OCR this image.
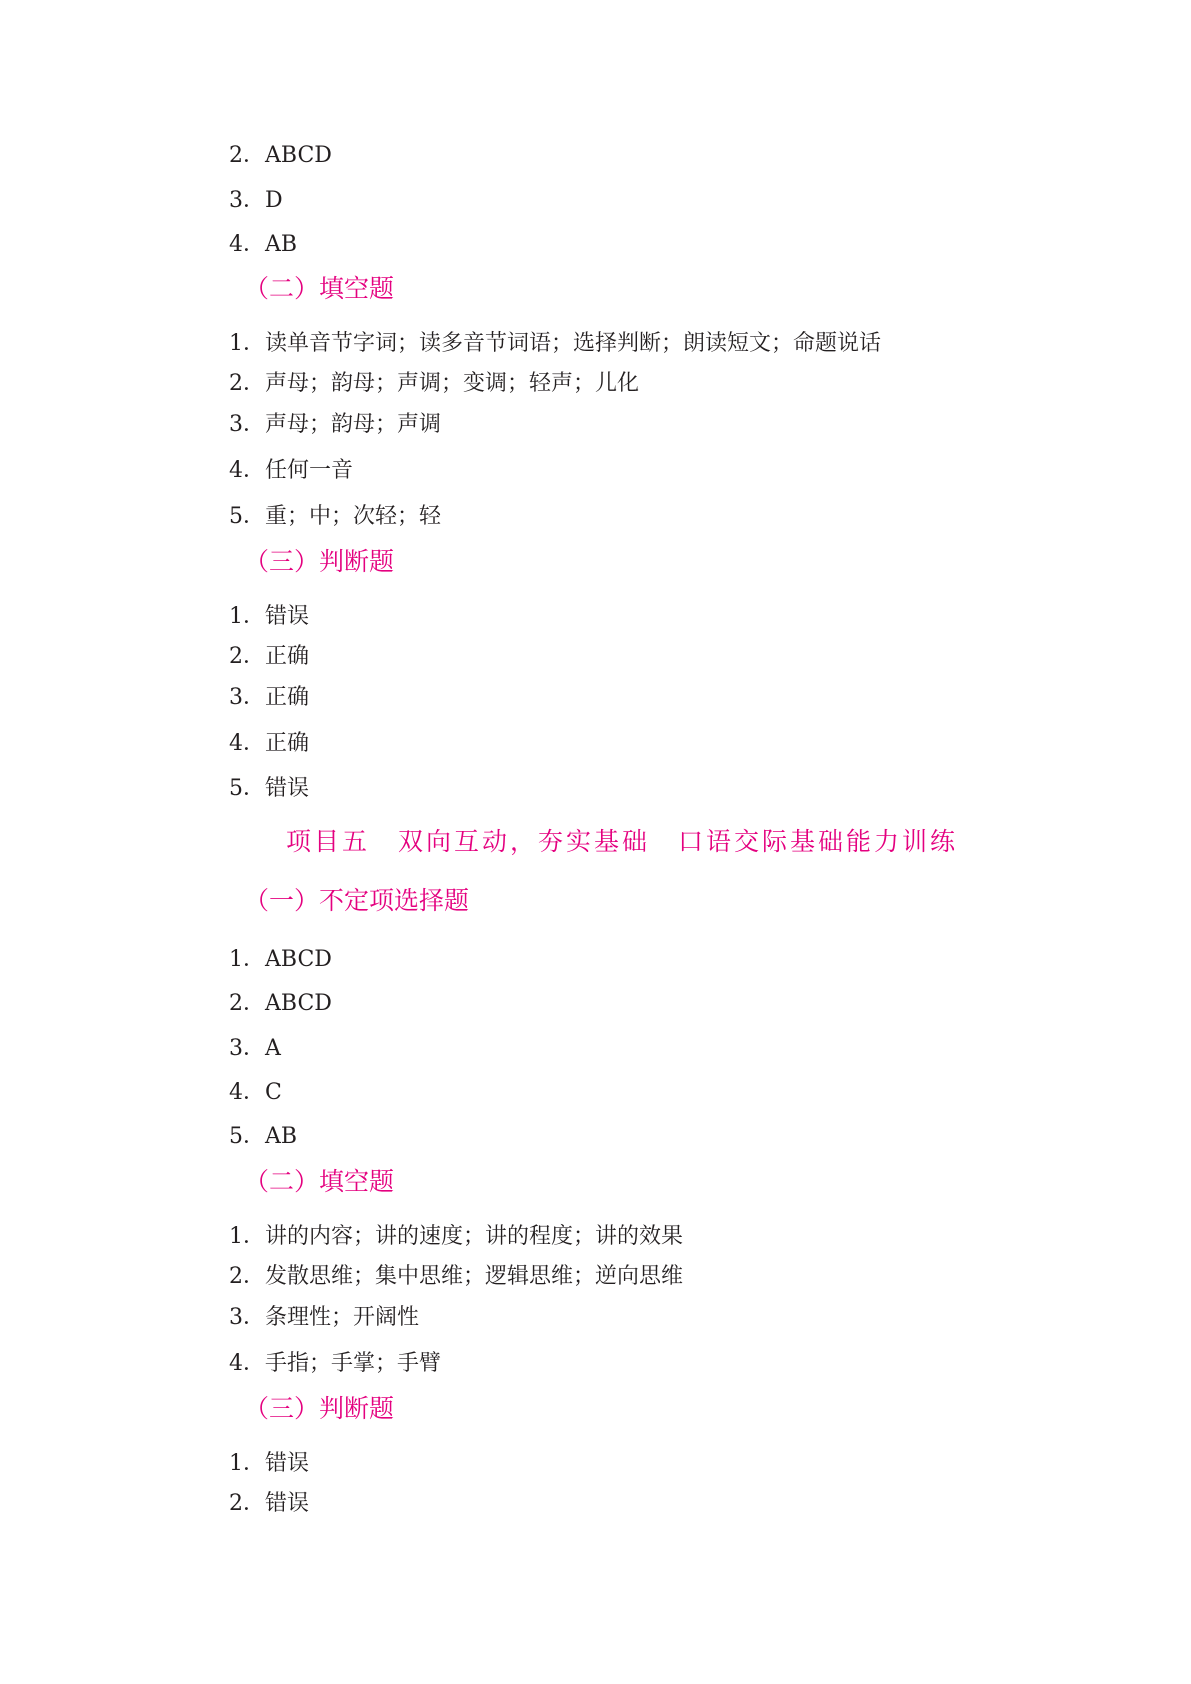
2．ABCD
3．D
4．AB
（二）填空题
1．读单音节字词；读多音节词语；选择判断；朗读短文；命题说话
2．声母；韵母；声调；变调；轻声；儿化
3．声母；韵母；声调
4．任何一音
5．重；中；次轻；轻
（三）判断题
1．错误
2．正确
3．正确
4．正确
5．错误
项目五　双向互动，夯实基础　口语交际基础能力训练
（一）不定项选择题
1．ABCD
2．ABCD
3．A
4．C
5．AB
（二）填空题
1．讲的内容；讲的速度；讲的程度；讲的效果
2．发散思维；集中思维；逻辑思维；逆向思维
3．条理性；开阔性
4．手指；手掌；手臂
（三）判断题
1．错误
2．错误
